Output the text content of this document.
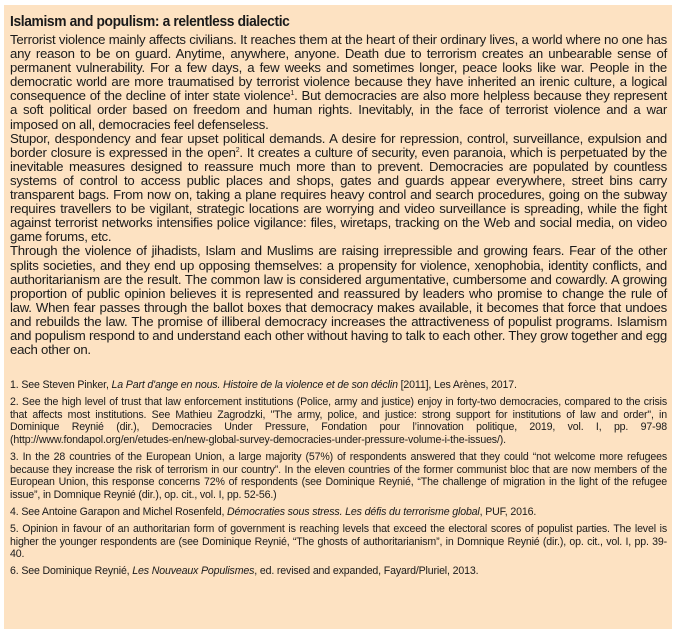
Islamism and populism: a relentless dialectic

Terrorist violence mainly affects civilians. It reaches them at the heart of their ordinary lives, a world where no one has any reason to be on guard. Anytime, anywhere, anyone. Death due to terrorism creates an unbearable sense of permanent vulnerability. For a few days, a few weeks and sometimes longer, peace looks like war. People in the democratic world are more traumatised by terrorist violence because they have inherited an irenic culture, a logical consequence of the decline of inter state violence$^1$. But democracies are also more helpless because they represent a soft political order based on freedom and human rights. Inevitably, in the face of terrorist violence and a war imposed on all, democracies feel defenseless.

Stupor, despondency and fear upset political demands. A desire for repression, control, surveillance, expulsion and border closure is expressed in the open$^2$. It creates a culture of security, even paranoia, which is perpetuated by the inevitable measures designed to reassure much more than to prevent. Democracies are populated by countless systems of control to access public places and shops, gates and guards appear everywhere, street bins carry transparent bags. From now on, taking a plane requires heavy control and search procedures, going on the subway requires travellers to be vigilant, strategic locations are worrying and video surveillance is spreading, while the fight against terrorist networks intensifies police vigilance: files, wiretaps, tracking on the Web and social media, on video game forums, etc.

Through the violence of jihadists, Islam and Muslims are raising irrepressible and growing fears. Fear of the other splits societies, and they end up opposing themselves: a propensity for violence, xenophobia, identity conflicts, and authoritarianism are the result. The common law is considered argumentative, cumbersome and cowardly. A growing proportion of public opinion believes it is represented and reassured by leaders who promise to change the rule of law. When fear passes through the ballot boxes that democracy makes available, it becomes that force that undoes and rebuilds the law. The promise of illiberal democracy increases the attractiveness of populist programs. Islamism and populism respond to and understand each other without having to talk to each other. They grow together and egg each other on.

1. See Steven Pinker, La Part d'ange en nous. Histoire de la violence et de son déclin [2011], Les Arènes, 2017.

2. See the high level of trust that law enforcement institutions (Police, army and justice) enjoy in forty-two democracies, compared to the crisis that affects most institutions. See Mathieu Zagrodzki, "The army, police, and justice: strong support for institutions of law and order", in Dominique Reynié (dir.), Democracies Under Pressure, Fondation pour l’innovation politique, 2019, vol. I, pp. 97-98 (http://www.fondapol.org/en/etudes-en/new-global-survey-democracies-under-pressure-volume-i-the-issues/).

3. In the 28 countries of the European Union, a large majority (57%) of respondents answered that they could “not welcome more refugees because they increase the risk of terrorism in our country”. In the eleven countries of the former communist bloc that are now members of the European Union, this response concerns 72% of respondents (see Dominique Reynié, “The challenge of migration in the light of the refugee issue”, in Domnique Reynié (dir.), op. cit., vol. I, pp. 52-56.)

4. See Antoine Garapon and Michel Rosenfeld, Démocraties sous stress. Les défis du terrorisme global, PUF, 2016.

5. Opinion in favour of an authoritarian form of government is reaching levels that exceed the electoral scores of populist parties. The level is higher the younger respondents are (see Dominique Reynié, “The ghosts of authoritarianism”, in Domnique Reynié (dir.), op. cit., vol. I, pp. 39-40.

6. See Dominique Reynié, Les Nouveaux Populismes, ed. revised and expanded, Fayard/Pluriel, 2013.
